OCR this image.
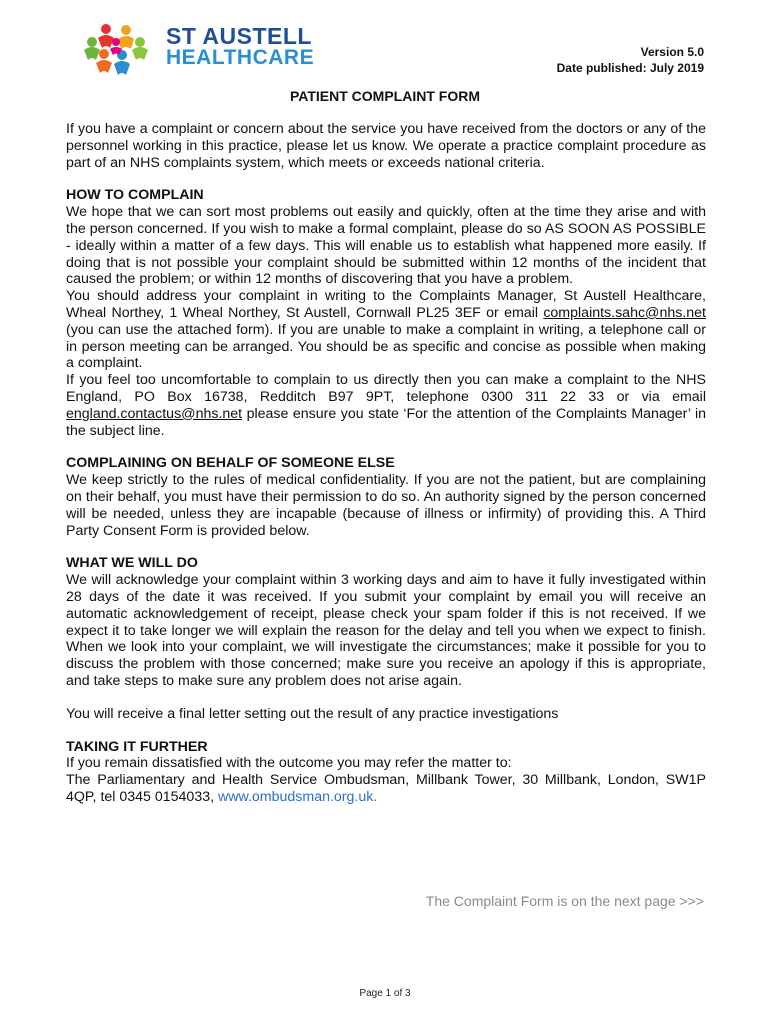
ST AUSTELL
HEALTHCARE	Version 5.0
Date published: July 2019
PATIENT COMPLAINT FORM

If you have a complaint or concern about the service you have received from the doctors or any of the personnel working in this practice, please let us know. We operate a practice complaint procedure as part of an NHS complaints system, which meets or exceeds national criteria.

HOW TO COMPLAIN

We hope that we can sort most problems out easily and quickly, often at the time they arise and with the person concerned. If you wish to make a formal complaint, please do so AS SOON AS POSSIBLE - ideally within a matter of a few days. This will enable us to establish what happened more easily. If doing that is not possible your complaint should be submitted within 12 months of the incident that caused the problem; or within 12 months of discovering that you have a problem.

You should address your complaint in writing to the Complaints Manager, St Austell Healthcare, Wheal Northey, 1 Wheal Northey, St Austell, Cornwall PL25 3EF or email complaints.sahc@nhs.net (you can use the attached form). If you are unable to make a complaint in writing, a telephone call or in person meeting can be arranged. You should be as specific and concise as possible when making a complaint.

If you feel too uncomfortable to complain to us directly then you can make a complaint to the NHS England, PO Box 16738, Redditch B97 9PT, telephone 0300 311 22 33 or via email england.contactus@nhs.net please ensure you state ‘For the attention of the Complaints Manager’ in the subject line.

COMPLAINING ON BEHALF OF SOMEONE ELSE

We keep strictly to the rules of medical confidentiality. If you are not the patient, but are complaining on their behalf, you must have their permission to do so. An authority signed by the person concerned will be needed, unless they are incapable (because of illness or infirmity) of providing this. A Third Party Consent Form is provided below.

WHAT WE WILL DO

We will acknowledge your complaint within 3 working days and aim to have it fully investigated within 28 days of the date it was received. If you submit your complaint by email you will receive an automatic acknowledgement of receipt, please check your spam folder if this is not received. If we expect it to take longer we will explain the reason for the delay and tell you when we expect to finish. When we look into your complaint, we will investigate the circumstances; make it possible for you to discuss the problem with those concerned; make sure you receive an apology if this is appropriate, and take steps to make sure any problem does not arise again.

You will receive a final letter setting out the result of any practice investigations

TAKING IT FURTHER

If you remain dissatisfied with the outcome you may refer the matter to:

The Parliamentary and Health Service Ombudsman, Millbank Tower, 30 Millbank, London, SW1P 4QP, tel 0345 0154033, www.ombudsman.org.uk.

The Complaint Form is on the next page >>>
Page 1 of 3
